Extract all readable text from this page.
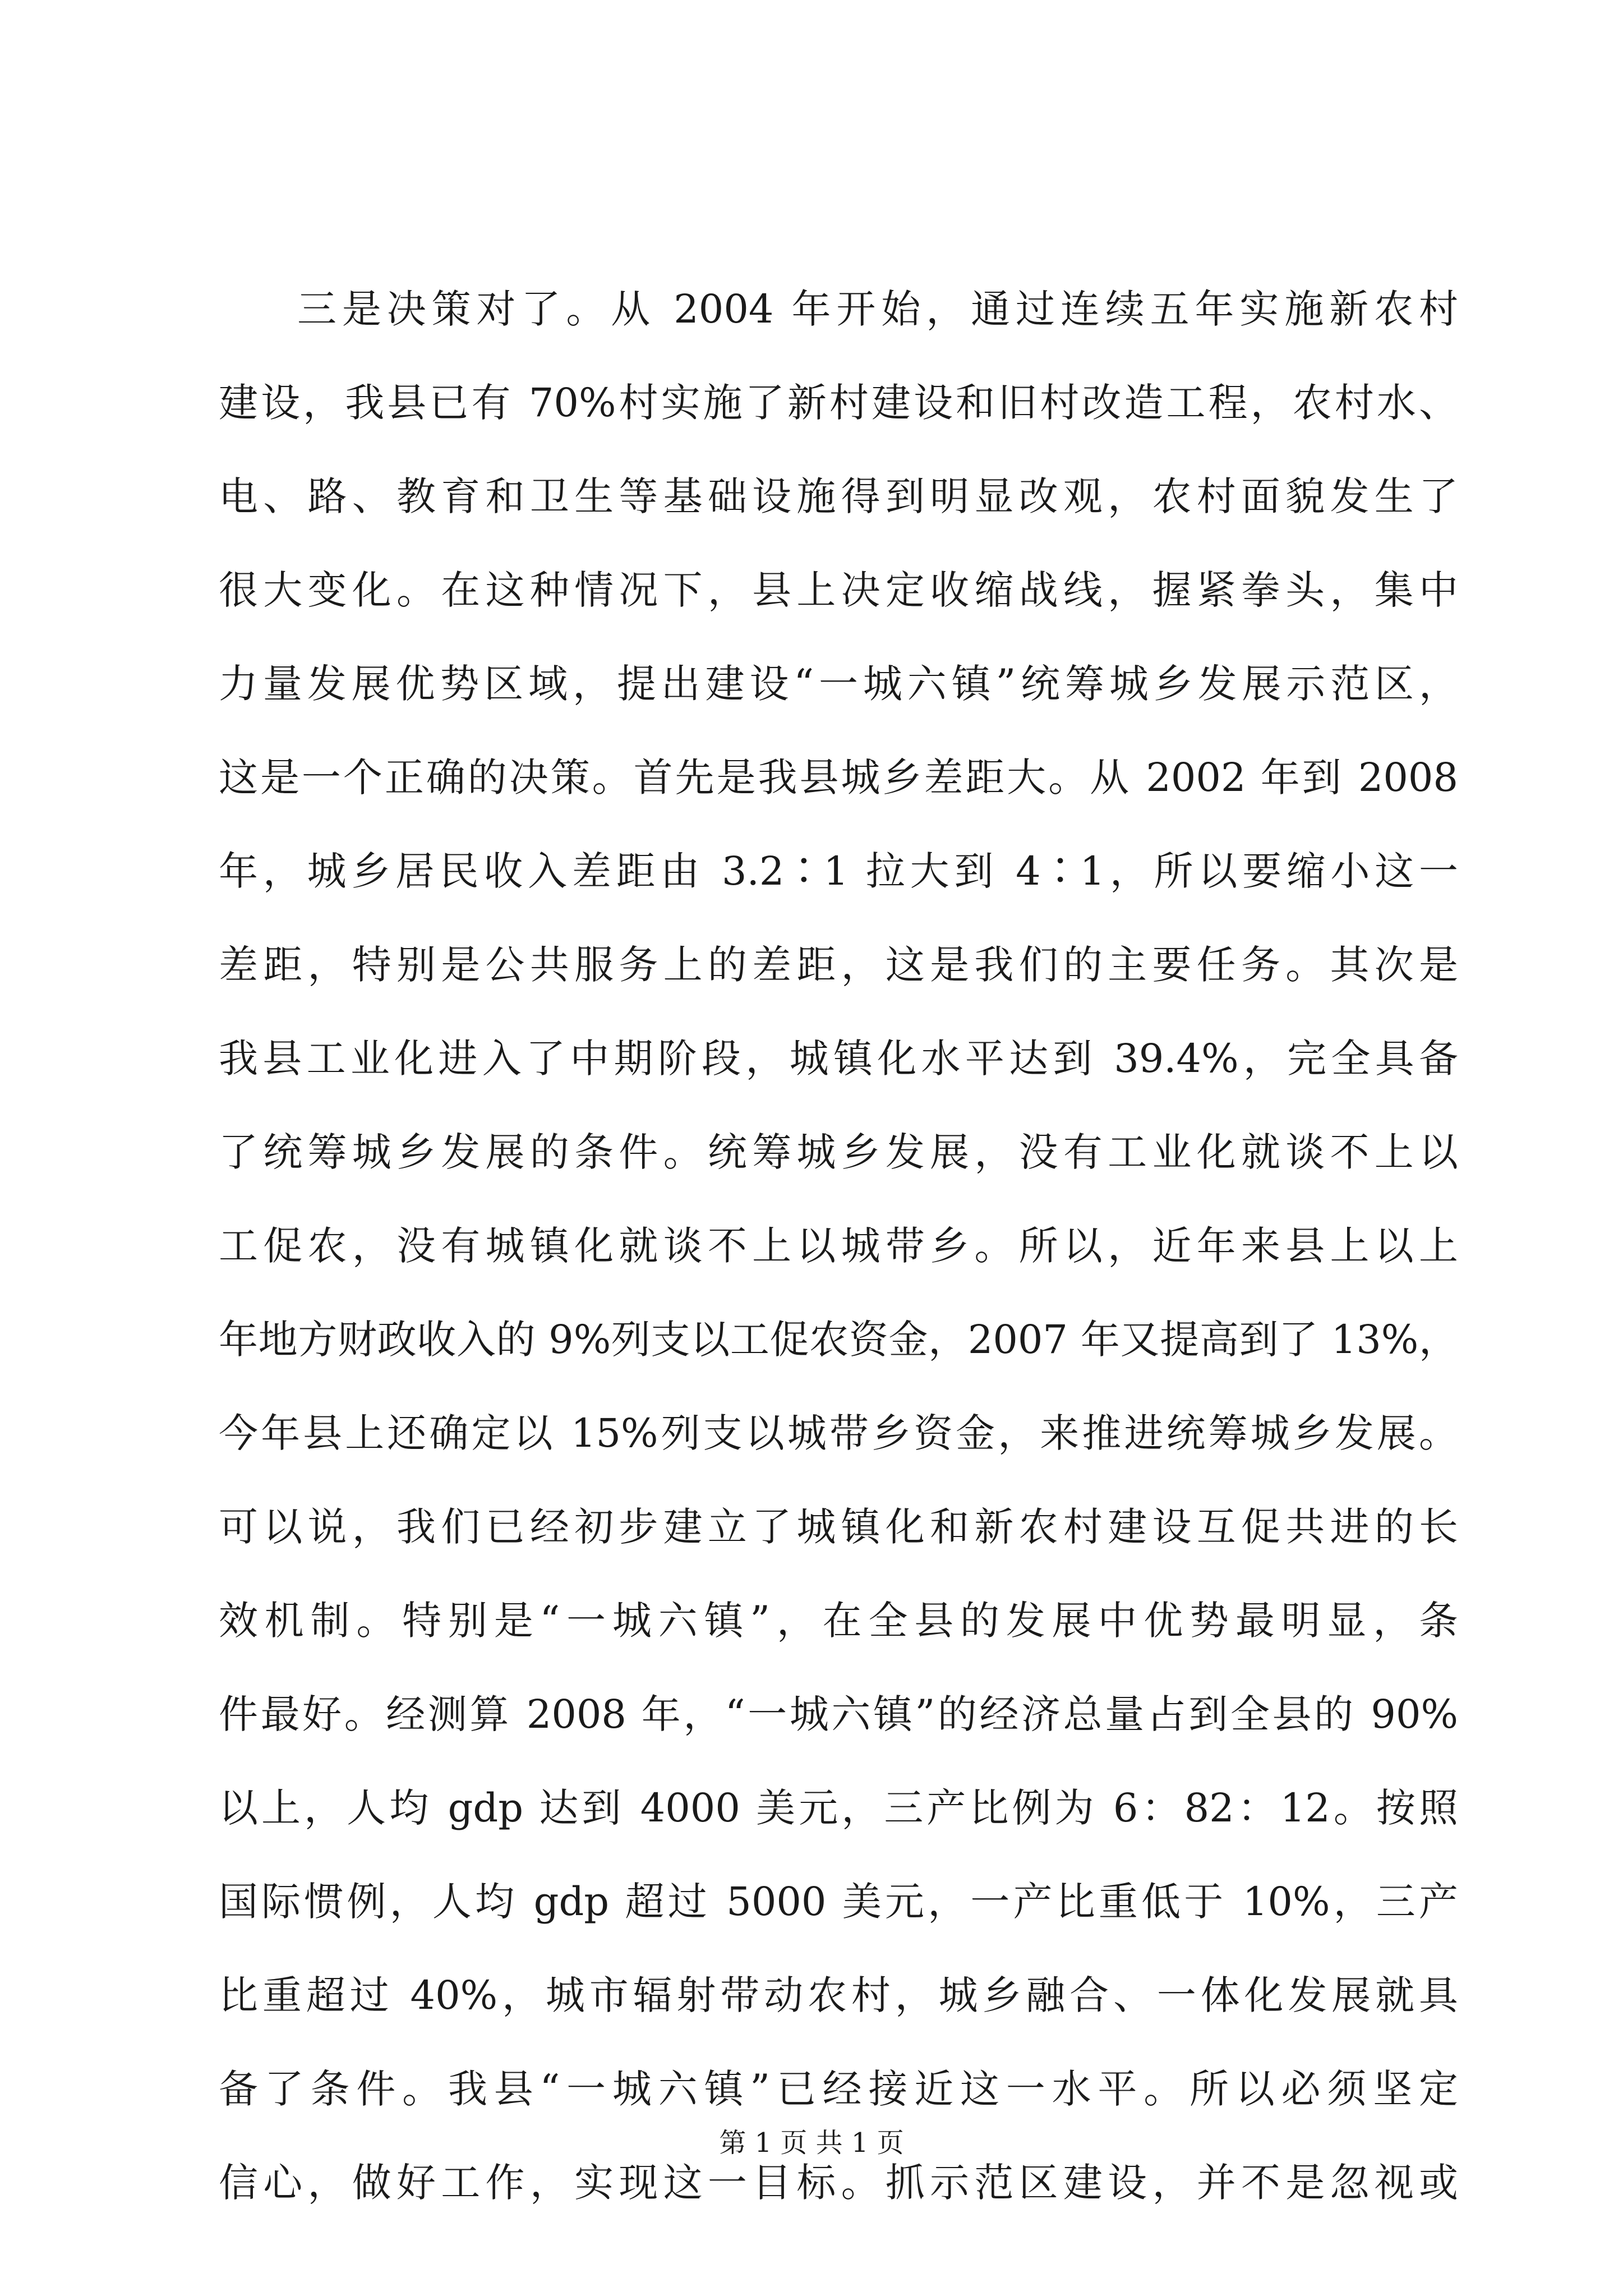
三是决策对了。从 2004 年开始，通过连续五年实施新农村
建设，我县已有 70%村实施了新村建设和旧村改造工程，农村水、
电、路、教育和卫生等基础设施得到明显改观，农村面貌发生了
很大变化。在这种情况下，县上决定收缩战线，握紧拳头，集中
力量发展优势区域，提出建设“一城六镇”统筹城乡发展示范区，
这是一个正确的决策。首先是我县城乡差距大。从 2002 年到 2008
年，城乡居民收入差距由 3.2∶1 拉大到 4∶1，所以要缩小这一
差距，特别是公共服务上的差距，这是我们的主要任务。其次是
我县工业化进入了中期阶段，城镇化水平达到 39.4%，完全具备
了统筹城乡发展的条件。统筹城乡发展，没有工业化就谈不上以
工促农，没有城镇化就谈不上以城带乡。所以，近年来县上以上
年地方财政收入的 9%列支以工促农资金，2007 年又提高到了 13%，
今年县上还确定以 15%列支以城带乡资金，来推进统筹城乡发展。
可以说，我们已经初步建立了城镇化和新农村建设互促共进的长
效机制。特别是“一城六镇”，在全县的发展中优势最明显，条
件最好。经测算 2008 年，“一城六镇”的经济总量占到全县的 90%
以上，人均 gdp 达到 4000 美元，三产比例为 6：82：12。按照
国际惯例，人均 gdp 超过 5000 美元，一产比重低于 10%，三产
比重超过 40%，城市辐射带动农村，城乡融合、一体化发展就具
备了条件。我县“一城六镇”已经接近这一水平。所以必须坚定
信心，做好工作，实现这一目标。抓示范区建设，并不是忽视或
第 1 页 共 1 页
